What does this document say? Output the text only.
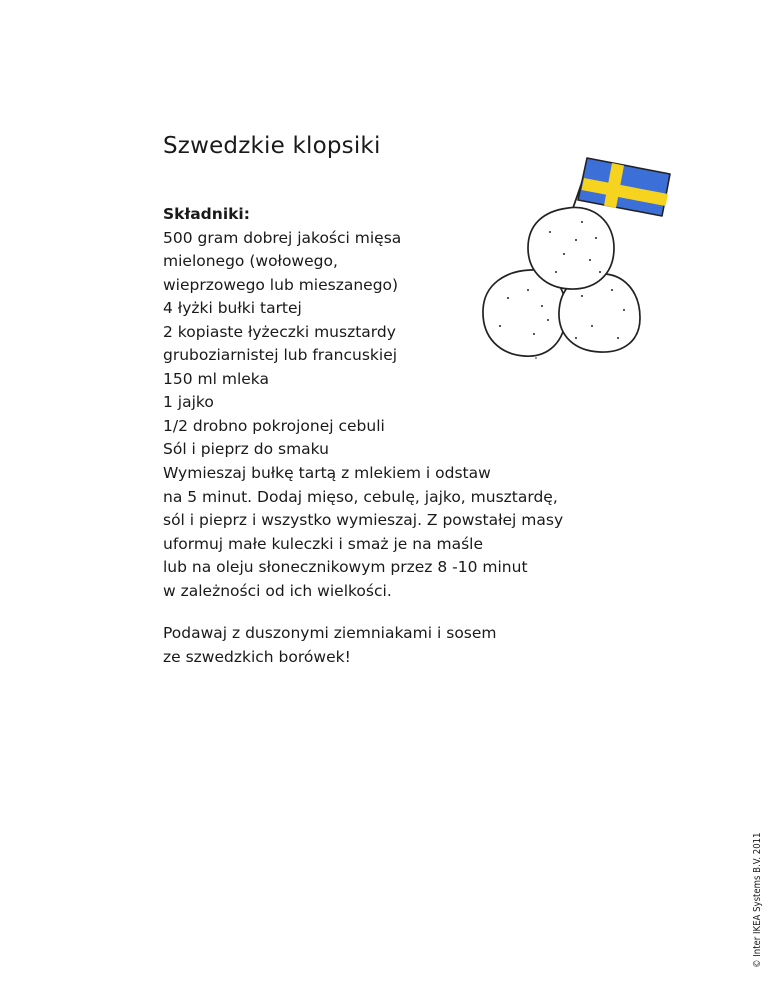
Szwedzkie klopsiki
Składniki:
500 gram dobrej jakości mięsa
mielonego (wołowego,
wieprzowego lub mieszanego)
4 łyżki bułki tartej
2 kopiaste łyżeczki musztardy
gruboziarnistej lub francuskiej
150 ml mleka
1 jajko
1/2 drobno pokrojonej cebuli
Sól i pieprz do smaku
Wymieszaj bułkę tartą z mlekiem i odstaw
na 5 minut. Dodaj mięso, cebulę, jajko, musztardę,
sól i pieprz i wszystko wymieszaj. Z powstałej masy
uformuj małe kuleczki i smaż je na maśle
lub na oleju słonecznikowym przez 8 -10 minut
w zależności od ich wielkości.
Podawaj z duszonymi ziemniakami i sosem
ze szwedzkich borówek!
© Inter IKEA Systems B.V. 2011
